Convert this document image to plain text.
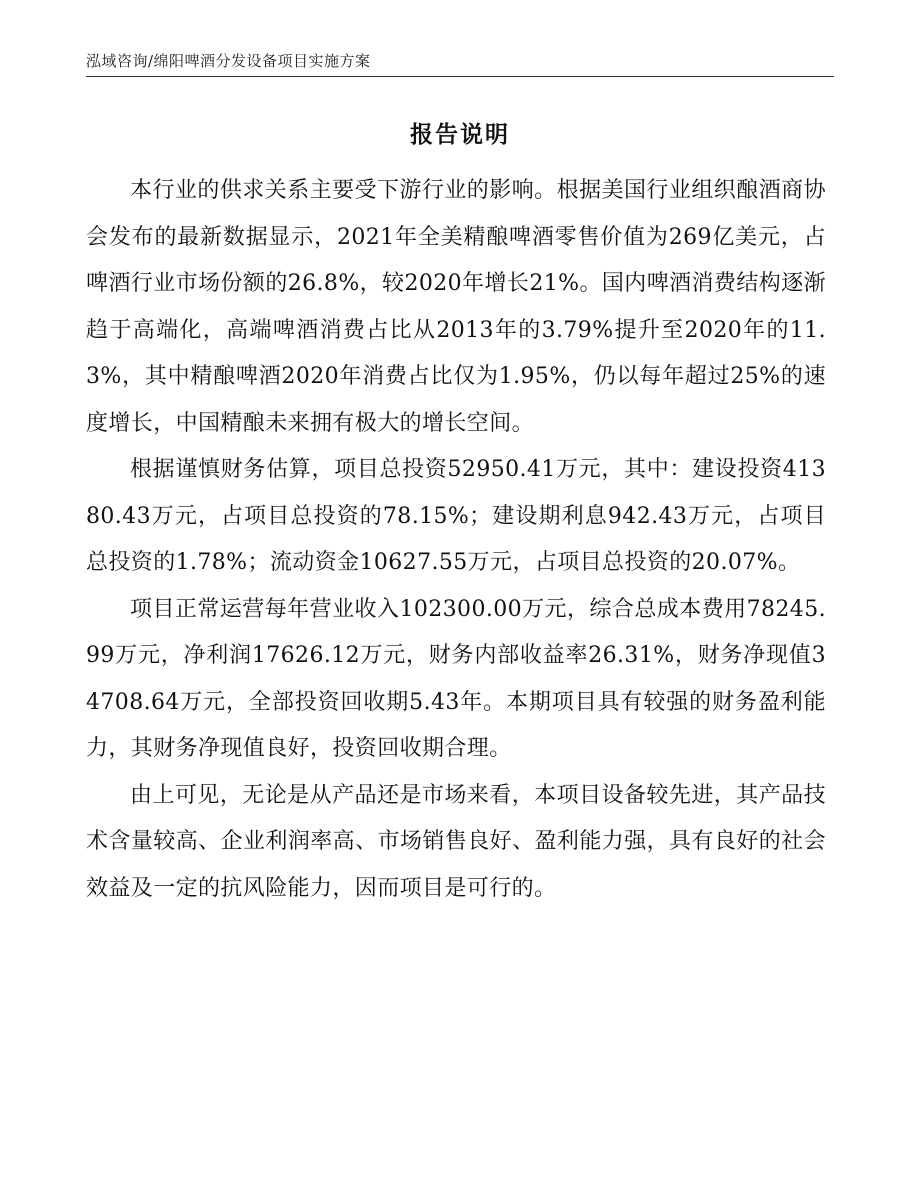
泓域咨询/绵阳啤酒分发设备项目实施方案
报告说明

本行业的供求关系主要受下游行业的影响。根据美国行业组织酿酒商协会发布的最新数据显示，2021年全美精酿啤酒零售价值为269亿美元，占啤酒行业市场份额的26.8%，较2020年增长21%。国内啤酒消费结构逐渐趋于高端化，高端啤酒消费占比从2013年的3.79%提升至2020年的11.3%，其中精酿啤酒2020年消费占比仅为1.95%，仍以每年超过25%的速度增长，中国精酿未来拥有极大的增长空间。

根据谨慎财务估算，项目总投资52950.41万元，其中：建设投资41380.43万元，占项目总投资的78.15%；建设期利息942.43万元，占项目总投资的1.78%；流动资金10627.55万元，占项目总投资的20.07%。

项目正常运营每年营业收入102300.00万元，综合总成本费用78245.99万元，净利润17626.12万元，财务内部收益率26.31%，财务净现值34708.64万元，全部投资回收期5.43年。本期项目具有较强的财务盈利能力，其财务净现值良好，投资回收期合理。

由上可见，无论是从产品还是市场来看，本项目设备较先进，其产品技术含量较高、企业利润率高、市场销售良好、盈利能力强，具有良好的社会效益及一定的抗风险能力，因而项目是可行的。
